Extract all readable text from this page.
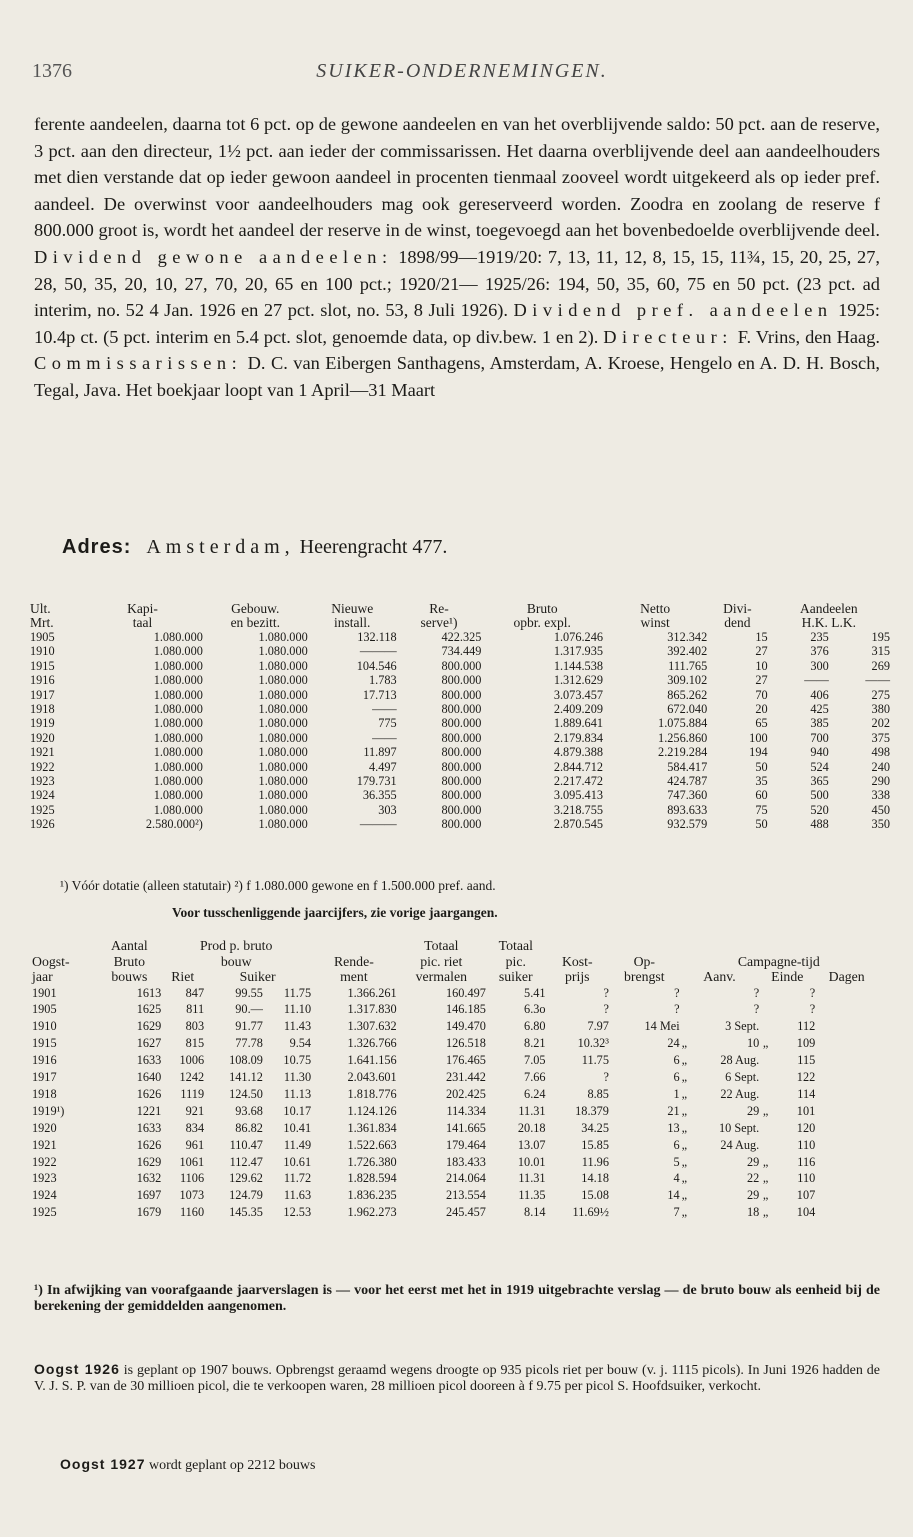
1376	SUIKER-ONDERNEMINGEN.

ferente aandeelen, daarna tot 6 pct. op de gewone aandeelen en van het overblijvende saldo: 50 pct. aan de reserve, 3 pct. aan den directeur, 1½ pct. aan ieder der commissarissen. Het daarna overblijvende deel aan aandeelhouders met dien verstande dat op ieder gewoon aandeel in procenten tienmaal zooveel wordt uitgekeerd als op ieder pref. aandeel. De overwinst voor aandeelhouders mag ook gereserveerd worden. Zoodra en zoolang de reserve f 800.000 groot is, wordt het aandeel der reserve in de winst, toegevoegd aan het bovenbedoelde overblijvende deel. Dividend gewone aandeelen: 1898/99—1919/20: 7, 13, 11, 12, 8, 15, 15, 11¾, 15, 20, 25, 27, 28, 50, 35, 20, 10, 27, 70, 20, 65 en 100 pct.; 1920/21— 1925/26: 194, 50, 35, 60, 75 en 50 pct. (23 pct. ad interim, no. 52 4 Jan. 1926 en 27 pct. slot, no. 53, 8 Juli 1926). Dividend pref. aandeelen 1925: 10.4p ct. (5 pct. interim en 5.4 pct. slot, genoemde data, op div.bew. 1 en 2). Directeur: F. Vrins, den Haag. Commissarissen: D. C. van Eibergen Santhagens, Amsterdam, A. Kroese, Hengelo en A. D. H. Bosch, Tegal, Java. Het boekjaar loopt van 1 April—31 Maart

Adres: Amsterdam, Heerengracht 477.
Ult.	Kapi-	Gebouw.	Nieuwe	Re-	Bruto	Netto	Divi-	Aandeelen	
Mrt.	taal	en bezitt.	install.	serve¹)	opbr. expl.	winst	dend	H.K. L.K.	
1905	1.080.000	1.080.000	132.118	422.325	1.076.246	312.342	15	235	195
1910	1.080.000	1.080.000	———	734.449	1.317.935	392.402	27	376	315
1915	1.080.000	1.080.000	104.546	800.000	1.144.538	111.765	10	300	269
1916	1.080.000	1.080.000	1.783	800.000	1.312.629	309.102	27	——	——
1917	1.080.000	1.080.000	17.713	800.000	3.073.457	865.262	70	406	275
1918	1.080.000	1.080.000	——	800.000	2.409.209	672.040	20	425	380
1919	1.080.000	1.080.000	775	800.000	1.889.641	1.075.884	65	385	202
1920	1.080.000	1.080.000	——	800.000	2.179.834	1.256.860	100	700	375
1921	1.080.000	1.080.000	11.897	800.000	4.879.388	2.219.284	194	940	498
1922	1.080.000	1.080.000	4.497	800.000	2.844.712	584.417	50	524	240
1923	1.080.000	1.080.000	179.731	800.000	2.217.472	424.787	35	365	290
1924	1.080.000	1.080.000	36.355	800.000	3.095.413	747.360	60	500	338
1925	1.080.000	1.080.000	303	800.000	3.218.755	893.633	75	520	450
1926	2.580.000²)	1.080.000	———	800.000	2.870.545	932.579	50	488	350
¹) Vóór dotatie (alleen statutair) ²) f 1.080.000 gewone en f 1.500.000 pref. aand.
Voor tusschenliggende jaarcijfers, zie vorige jaargangen.
	Aantal	Prod p. bruto				Totaal	Totaal							
Oogst-	Bruto	bouw			Rende-	pic. riet	pic.	Kost-	Op-	Campagne-tijd				
jaar	bouws	Riet	Suiker		ment	vermalen	suiker	prijs	brengst	Aanv.		Einde		Dagen
1901	1613	847	99.55	11.75	1.366.261	160.497	5.41	?	?		?		?	
1905	1625	811	90.—	11.10	1.317.830	146.185	6.3o	?	?		?		?	
1910	1629	803	91.77	11.43	1.307.632	149.470	6.80	7.97	14 Mei		3 Sept.		112	
1915	1627	815	77.78	9.54	1.326.766	126.518	8.21	10.32³	24	„	10	„	109	
1916	1633	1006	108.09	10.75	1.641.156	176.465	7.05	11.75	6	„	28 Aug.		115	
1917	1640	1242	141.12	11.30	2.043.601	231.442	7.66	?	6	„	6 Sept.		122	
1918	1626	1119	124.50	11.13	1.818.776	202.425	6.24	8.85	1	„	22 Aug.		114	
1919¹)	1221	921	93.68	10.17	1.124.126	114.334	11.31	18.379	21	„	29	„	101	
1920	1633	834	86.82	10.41	1.361.834	141.665	20.18	34.25	13	„	10 Sept.		120	
1921	1626	961	110.47	11.49	1.522.663	179.464	13.07	15.85	6	„	24 Aug.		110	
1922	1629	1061	112.47	10.61	1.726.380	183.433	10.01	11.96	5	„	29	„	116	
1923	1632	1106	129.62	11.72	1.828.594	214.064	11.31	14.18	4	„	22	„	110	
1924	1697	1073	124.79	11.63	1.836.235	213.554	11.35	15.08	14	„	29	„	107	
1925	1679	1160	145.35	12.53	1.962.273	245.457	8.14	11.69½	7	„	18	„	104	
¹) In afwijking van voorafgaande jaarverslagen is — voor het eerst met het in 1919 uitgebrachte verslag — de bruto bouw als eenheid bij de berekening der gemiddelden aangenomen.
Oogst 1926 is geplant op 1907 bouws. Opbrengst geraamd wegens droogte op 935 picols riet per bouw (v. j. 1115 picols). In Juni 1926 hadden de V. J. S. P. van de 30 millioen picol, die te verkoopen waren, 28 millioen picol dooreen à f 9.75 per picol S. Hoofdsuiker, verkocht.
Oogst 1927 wordt geplant op 2212 bouws
